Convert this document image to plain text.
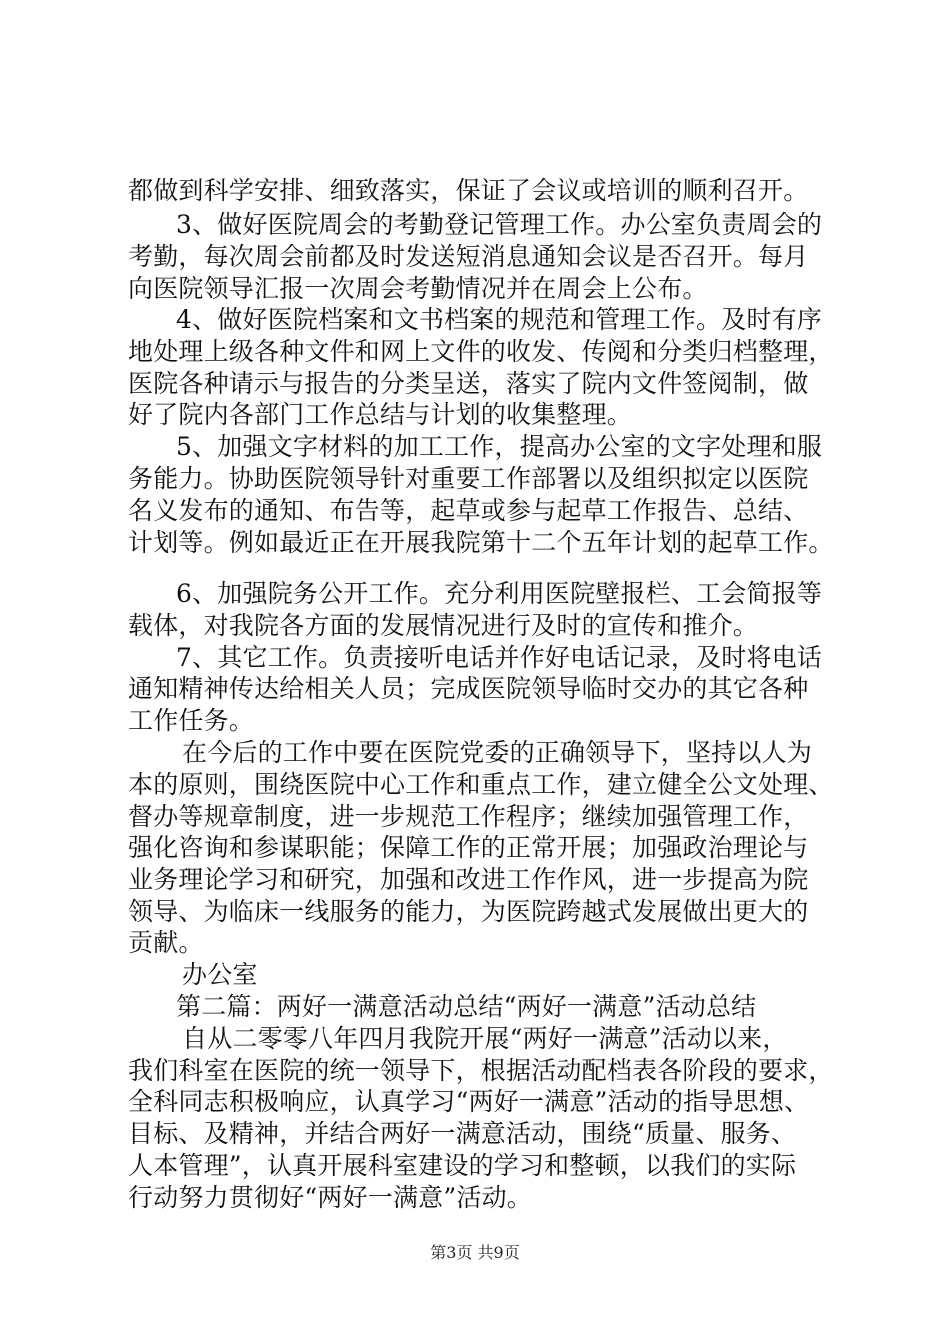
都做到科学安排、细致落实，保证了会议或培训的顺利召开。
3、做好医院周会的考勤登记管理工作。办公室负责周会的
考勤，每次周会前都及时发送短消息通知会议是否召开。每月
向医院领导汇报一次周会考勤情况并在周会上公布。
4、做好医院档案和文书档案的规范和管理工作。及时有序
地处理上级各种文件和网上文件的收发、传阅和分类归档整理，
医院各种请示与报告的分类呈送，落实了院内文件签阅制，做
好了院内各部门工作总结与计划的收集整理。
5、加强文字材料的加工工作，提高办公室的文字处理和服
务能力。协助医院领导针对重要工作部署以及组织拟定以医院
名义发布的通知、布告等，起草或参与起草工作报告、总结、
计划等。例如最近正在开展我院第十二个五年计划的起草工作。
6、加强院务公开工作。充分利用医院壁报栏、工会简报等
载体，对我院各方面的发展情况进行及时的宣传和推介。
7、其它工作。负责接听电话并作好电话记录，及时将电话
通知精神传达给相关人员；完成医院领导临时交办的其它各种
工作任务。
在今后的工作中要在医院党委的正确领导下，坚持以人为
本的原则，围绕医院中心工作和重点工作，建立健全公文处理、
督办等规章制度，进一步规范工作程序；继续加强管理工作，
强化咨询和参谋职能；保障工作的正常开展；加强政治理论与
业务理论学习和研究，加强和改进工作作风，进一步提高为院
领导、为临床一线服务的能力，为医院跨越式发展做出更大的
贡献。
办公室
第二篇：两好一满意活动总结“两好一满意”活动总结
自从二零零八年四月我院开展“两好一满意”活动以来，
我们科室在医院的统一领导下，根据活动配档表各阶段的要求，
全科同志积极响应，认真学习“两好一满意”活动的指导思想、
目标、及精神，并结合两好一满意活动，围绕“质量、服务、
人本管理”，认真开展科室建设的学习和整顿，以我们的实际
行动努力贯彻好“两好一满意”活动。
第3页 共9页
